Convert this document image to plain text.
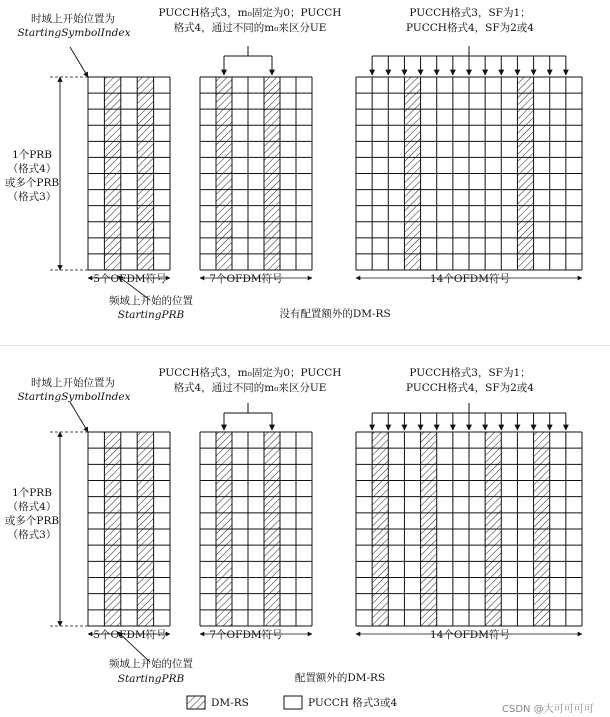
时域上开始位置为
StartingSymbolIndex
1个PRB
（格式4）
或多个PRB
（格式3）
PUCCH格式3，m₀固定为0；PUCCH
格式4，通过不同的m₀来区分UE
PUCCH格式3，SF为1；
PUCCH格式4，SF为2或4
5个OFDM符号	7个OFDM符号	14个OFDM符号
频域上开始的位置
StartingPRB	没有配置额外的DM-RS
时域上开始位置为
StartingSymbolIndex
1个PRB
（格式4）
或多个PRB
（格式3）
PUCCH格式3，m₀固定为0；PUCCH
格式4，通过不同的m₀来区分UE
PUCCH格式3，SF为1；
PUCCH格式4，SF为2或4
5个OFDM符号	7个OFDM符号	14个OFDM符号
频域上开始的位置
StartingPRB	配置额外的DM-RS
DM-RS	PUCCH 格式3或4
CSDN @大可可可可
